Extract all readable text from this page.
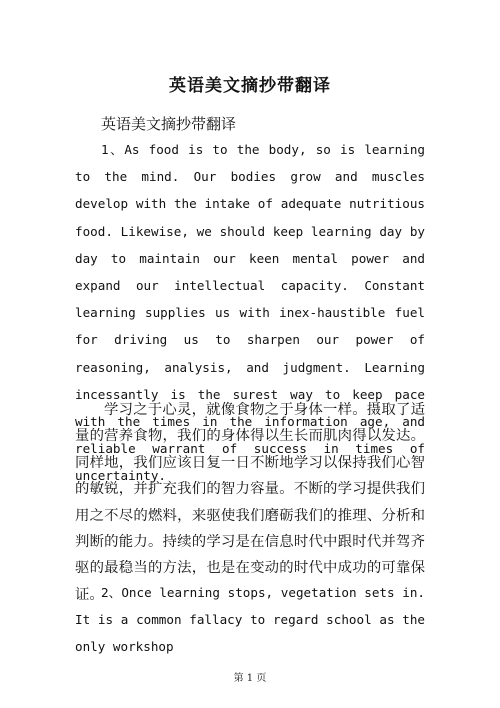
英语美文摘抄带翻译
英语美文摘抄带翻译

1、As food is to the body, so is learning to the mind. Our bodies grow and muscles develop with the intake of adequate nutritious food. Likewise, we should keep learning day by day to maintain our keen mental power and expand our intellectual capacity. Constant learning supplies us with inex-haustible fuel for driving us to sharpen our power of reasoning, analysis, and judgment. Learning incessantly is the surest way to keep pace with the times in the information age, and reliable warrant of success in times of uncertainty.

学习之于心灵，就像食物之于身体一样。摄取了适量的营养食物，我们的身体得以生长而肌肉得以发达。 同样地，我们应该日复一日不断地学习以保持我们心智的敏锐，并扩充我们的智力容量。不断的学习提供我们用之不尽的燃料，来驱使我们磨砺我们的推理、分析和判断的能力。持续的学习是在信息时代中跟时代并驾齐驱的最稳当的方法，也是在变动的时代中成功的可靠保证。

2、Once learning stops, vegetation sets in. It is a common fallacy to regard school as the only workshop

第 1 页
